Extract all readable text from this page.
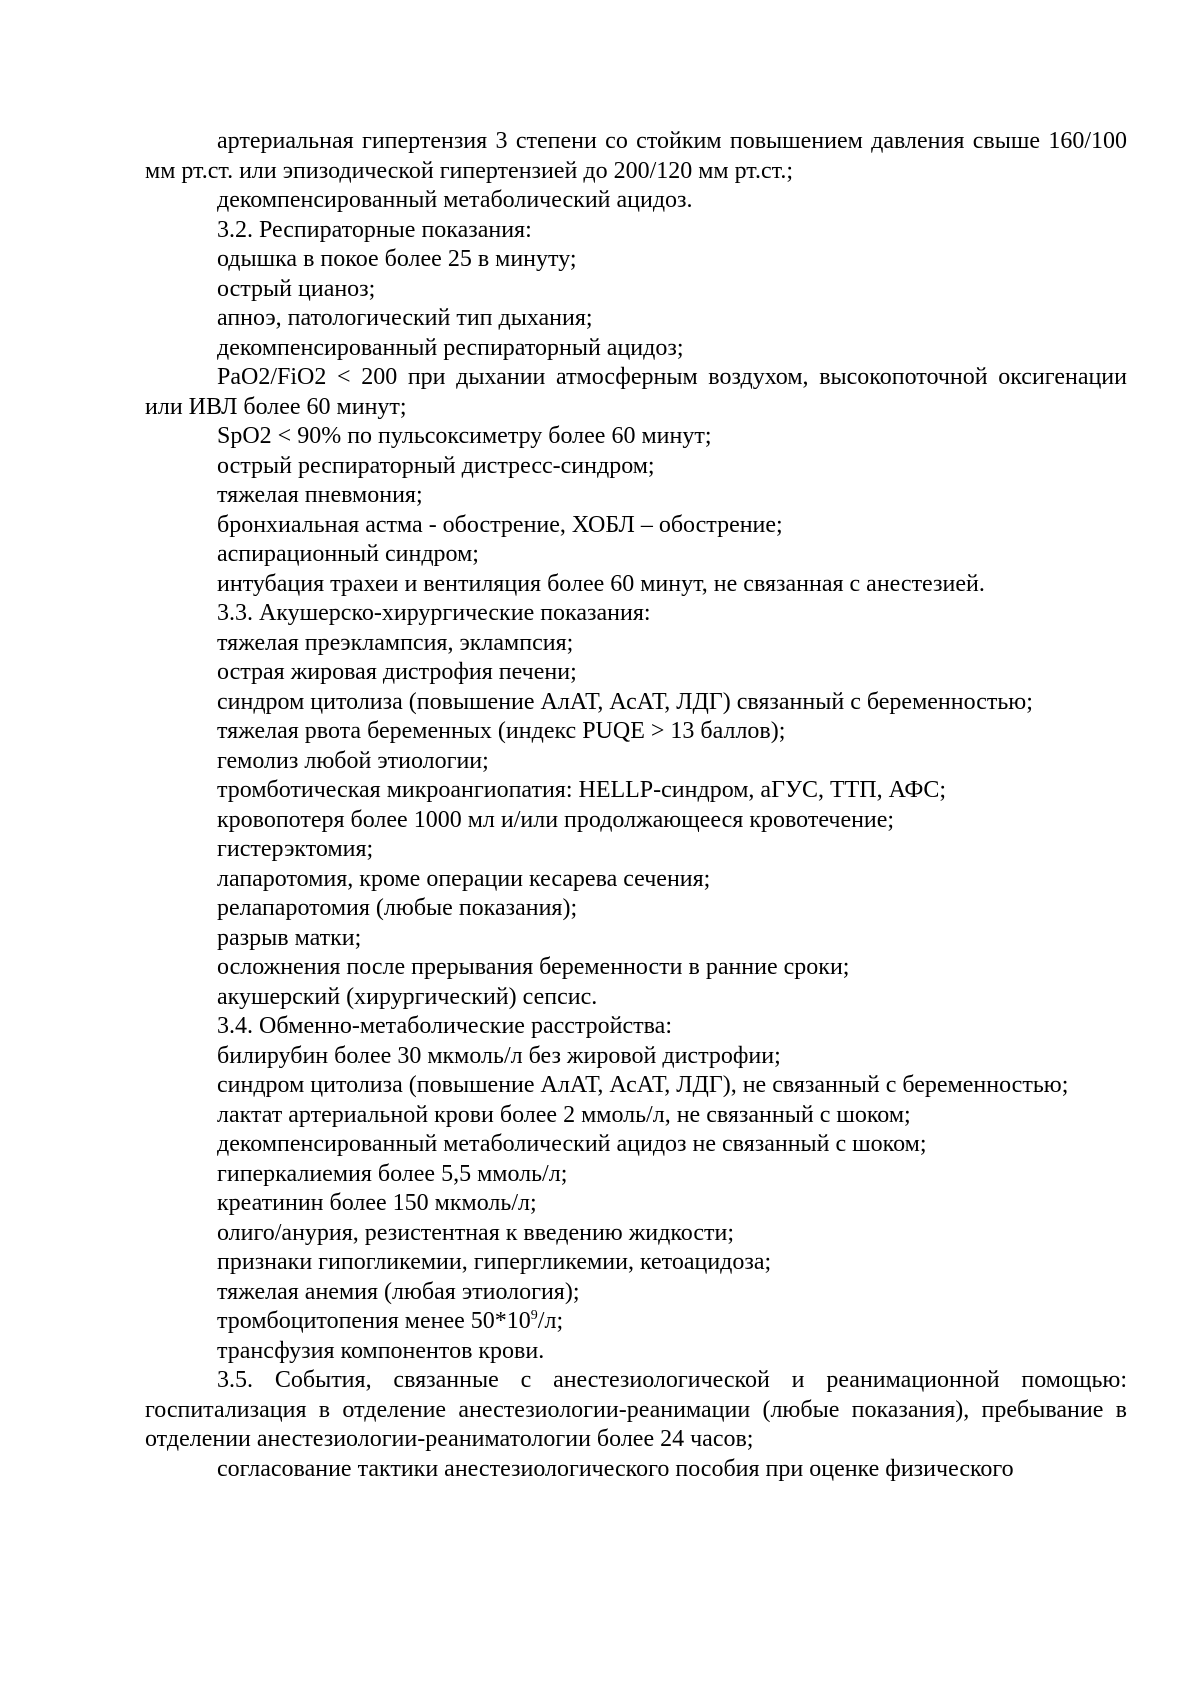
артериальная гипертензия 3 степени со стойким повышением давления свыше 160/100 мм рт.ст. или эпизодической гипертензией до 200/120 мм рт.ст.;

декомпенсированный метаболический ацидоз.

3.2. Респираторные показания:

одышка в покое более 25 в минуту;

острый цианоз;

апноэ, патологический тип дыхания;

декомпенсированный респираторный ацидоз;

PaO2/FiO2 < 200 при дыхании атмосферным воздухом, высокопоточной оксигенации или ИВЛ более 60 минут;

SpO2 < 90% по пульсоксиметру более 60 минут;

острый респираторный дистресс-синдром;

тяжелая пневмония;

бронхиальная астма - обострение, ХОБЛ – обострение;

аспирационный синдром;

интубация трахеи и вентиляция более 60 минут, не связанная с анестезией.

3.3. Акушерско-хирургические показания:

тяжелая преэклампсия, эклампсия;

острая жировая дистрофия печени;

синдром цитолиза (повышение АлАТ, АсАТ, ЛДГ) связанный с беременностью;

тяжелая рвота беременных (индекс PUQE > 13 баллов);

гемолиз любой этиологии;

тромботическая микроангиопатия: HELLP-синдром, аГУС, ТТП, АФС;

кровопотеря более 1000 мл и/или продолжающееся кровотечение;

гистерэктомия;

лапаротомия, кроме операции кесарева сечения;

релапаротомия (любые показания);

разрыв матки;

осложнения после прерывания беременности в ранние сроки;

акушерский (хирургический) сепсис.

3.4. Обменно-метаболические расстройства:

билирубин более 30 мкмоль/л без жировой дистрофии;

синдром цитолиза (повышение АлАТ, АсАТ, ЛДГ), не связанный с беременностью;

лактат артериальной крови более 2 ммоль/л, не связанный с шоком;

декомпенсированный метаболический ацидоз не связанный с шоком;

гиперкалиемия более 5,5 ммоль/л;

креатинин более 150 мкмоль/л;

олиго/анурия, резистентная к введению жидкости;

признаки гипогликемии, гипергликемии, кетоацидоза;

тяжелая анемия (любая этиология);

тромбоцитопения менее $50*10^9/л$;

трансфузия компонентов крови.

3.5. События, связанные с анестезиологической и реанимационной помощью: госпитализация в отделение анестезиологии-реанимации (любые показания), пребывание в отделении анестезиологии-реаниматологии более 24 часов;

согласование тактики анестезиологического пособия при оценке физического
